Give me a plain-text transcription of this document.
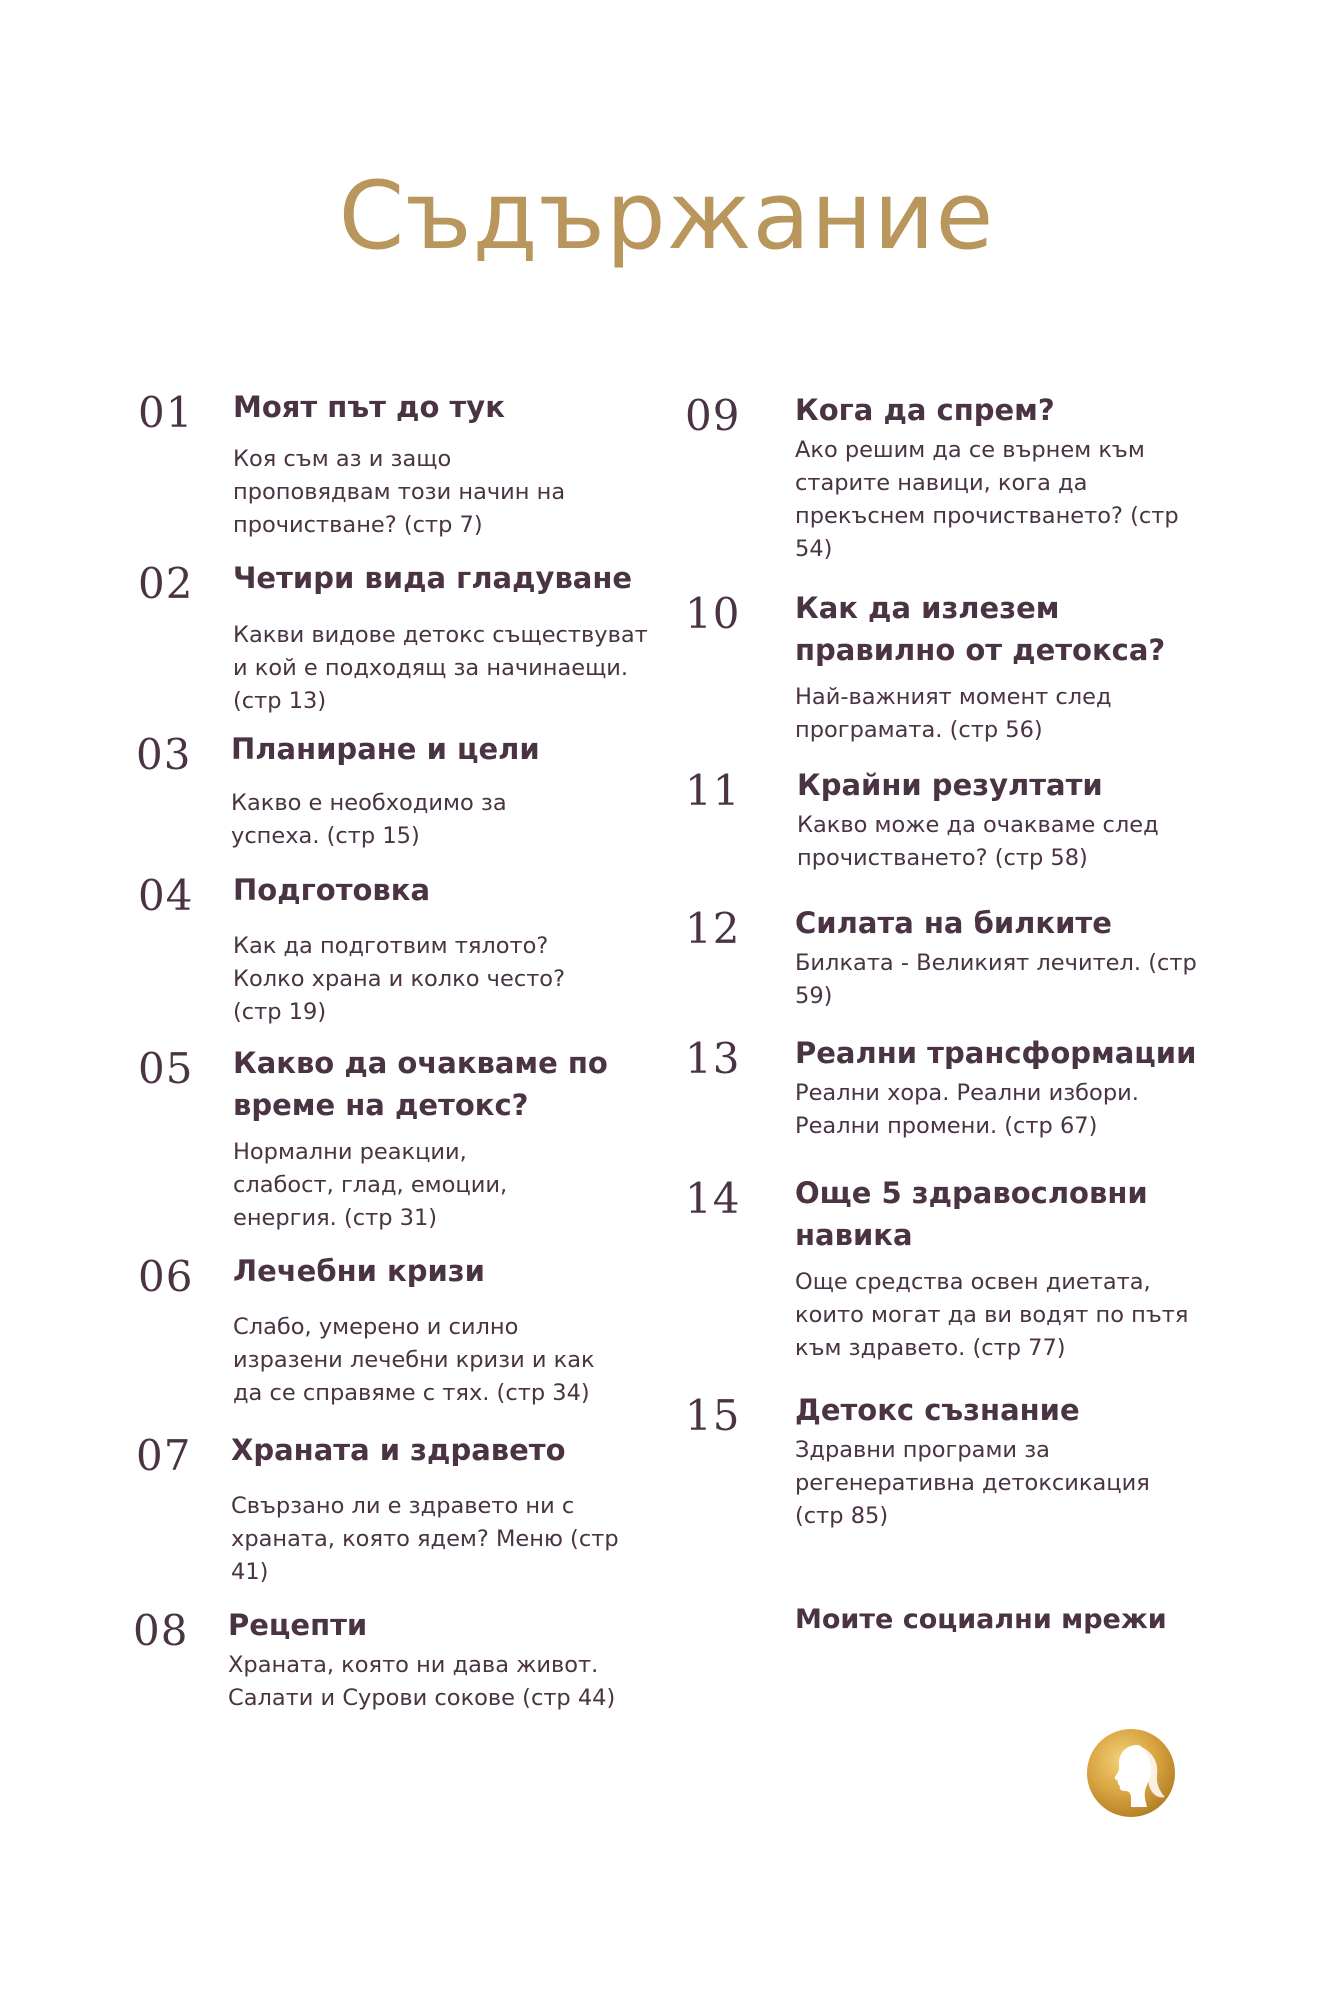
Съдържание
01 Моят път до тук
Коя съм аз и защо
проповядвам този начин на
прочистване? (стр 7)
02 Четири вида гладуване
Какви видове детокс съществуват
и кой е подходящ за начинаещи.
(стр 13)
03 Планиране и цели
Какво е необходимо за
успеха. (стр 15)
04 Подготовка
Как да подготвим тялото?
Колко храна и колко често?
(стр 19)
05 Какво да очакваме по
време на детокс?
Нормални реакции,
слабост, глад, емоции,
енергия. (стр 31)
06 Лечебни кризи
Слабо, умерено и силно
изразени лечебни кризи и как
да се справяме с тях. (стр 34)
07 Храната и здравето
Свързано ли е здравето ни с
храната, която ядем? Меню (стр
41)
08 Рецепти
Храната, която ни дава живот.
Салати и Сурови сокове (стр 44)
09 Кога да спрем?
Ако решим да се върнем към
старите навици, кога да
прекъснем прочистването? (стр
54)
10 Как да излезем
правилно от детокса?
Най-важният момент след
програмата. (стр 56)
11 Крайни резултати
Какво може да очакваме след
прочистването? (стр 58)
12 Силата на билките
Билката - Великият лечител. (стр
59)
13 Реални трансформации
Реални хора. Реални избори.
Реални промени. (стр 67)
14 Още 5 здравословни
навика
Още средства освен диетата,
които могат да ви водят по пътя
към здравето. (стр 77)
15 Детокс съзнание
Здравни програми за
регенеративна детоксикация
(стр 85)

Моите социални мрежи
